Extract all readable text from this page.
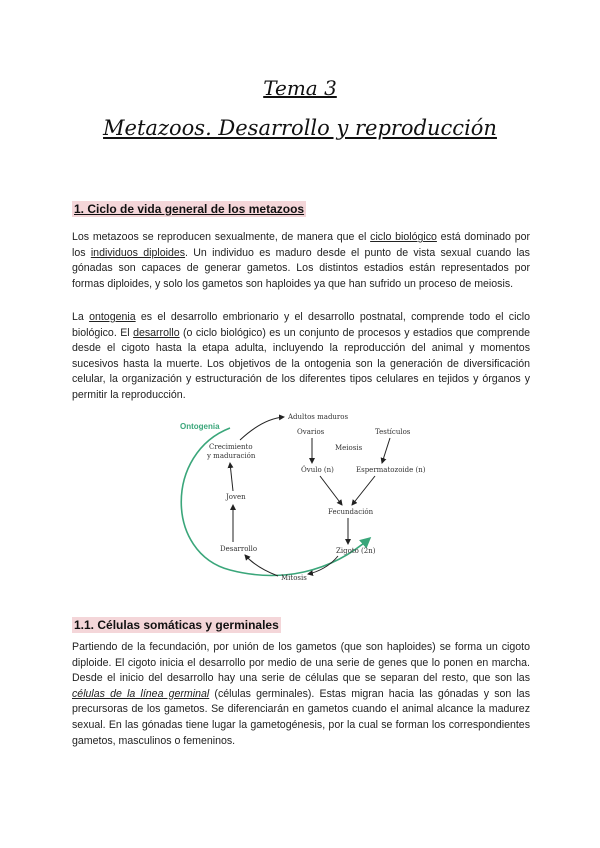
Tema 3
Metazoos. Desarrollo y reproducción
1. Ciclo de vida general de los metazoos

Los metazoos se reproducen sexualmente, de manera que el ciclo biológico está dominado por los individuos diploides. Un individuo es maduro desde el punto de vista sexual cuando las gónadas son capaces de generar gametos. Los distintos estadios están representados por formas diploides, y solo los gametos son haploides ya que han sufrido un proceso de meiosis.

La ontogenia es el desarrollo embrionario y el desarrollo postnatal, comprende todo el ciclo biológico. El desarrollo (o ciclo biológico) es un conjunto de procesos y estadios que comprende desde el cigoto hasta la etapa adulta, incluyendo la reproducción del animal y momentos sucesivos hasta la muerte. Los objetivos de la ontogenia son la generación de diversificación celular, la organización y estructuración de los diferentes tipos celulares en tejidos y órganos y permitir la reproducción.

Ontogenia
Adultos maduros
Ovarios	Testículos
Meiosis
Óvulo (n)	Espermatozoide (n)
Fecundación
Zigoto (2n)
Mitosis
Desarrollo
Joven
Crecimiento
y maduración
1.1. Células somáticas y germinales

Partiendo de la fecundación, por unión de los gametos (que son haploides) se forma un cigoto diploide. El cigoto inicia el desarrollo por medio de una serie de genes que lo ponen en marcha. Desde el inicio del desarrollo hay una serie de células que se separan del resto, que son las células de la línea germinal (células germinales). Estas migran hacia las gónadas y son las precursoras de los gametos. Se diferenciarán en gametos cuando el animal alcance la madurez sexual. En las gónadas tiene lugar la gametogénesis, por la cual se forman los correspondientes gametos, masculinos o femeninos.
